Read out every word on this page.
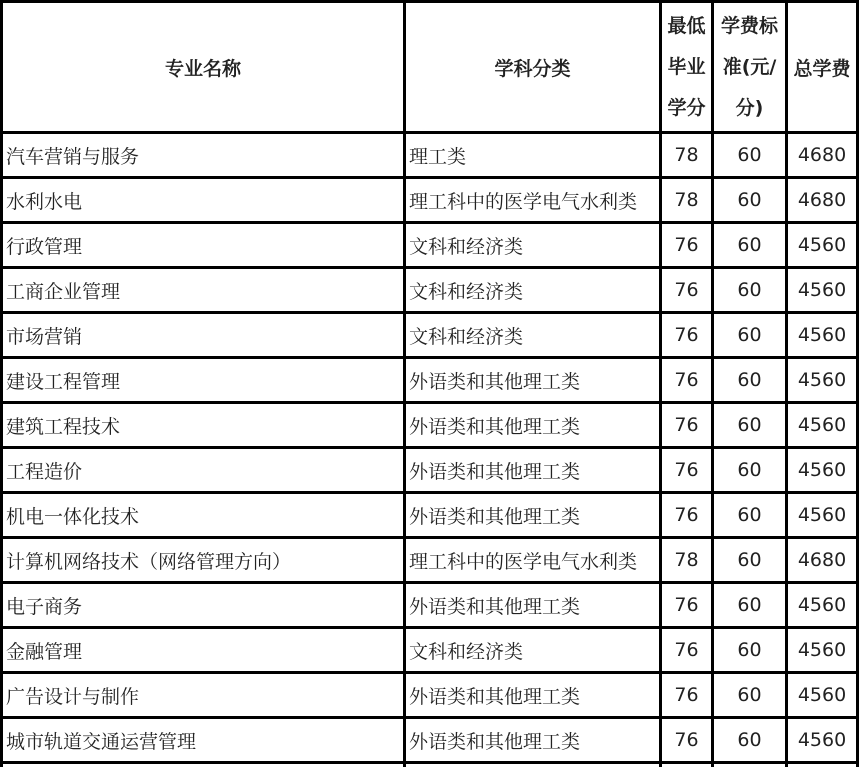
专业名称	学科分类	最低毕业学分	学费标准(元/分)	总学费
汽车营销与服务	理工类	78	60	4680
水利水电	理工科中的医学电气水利类	78	60	4680
行政管理	文科和经济类	76	60	4560
工商企业管理	文科和经济类	76	60	4560
市场营销	文科和经济类	76	60	4560
建设工程管理	外语类和其他理工类	76	60	4560
建筑工程技术	外语类和其他理工类	76	60	4560
工程造价	外语类和其他理工类	76	60	4560
机电一体化技术	外语类和其他理工类	76	60	4560
计算机网络技术（网络管理方向）	理工科中的医学电气水利类	78	60	4680
电子商务	外语类和其他理工类	76	60	4560
金融管理	文科和经济类	76	60	4560
广告设计与制作	外语类和其他理工类	76	60	4560
城市轨道交通运营管理	外语类和其他理工类	76	60	4560
